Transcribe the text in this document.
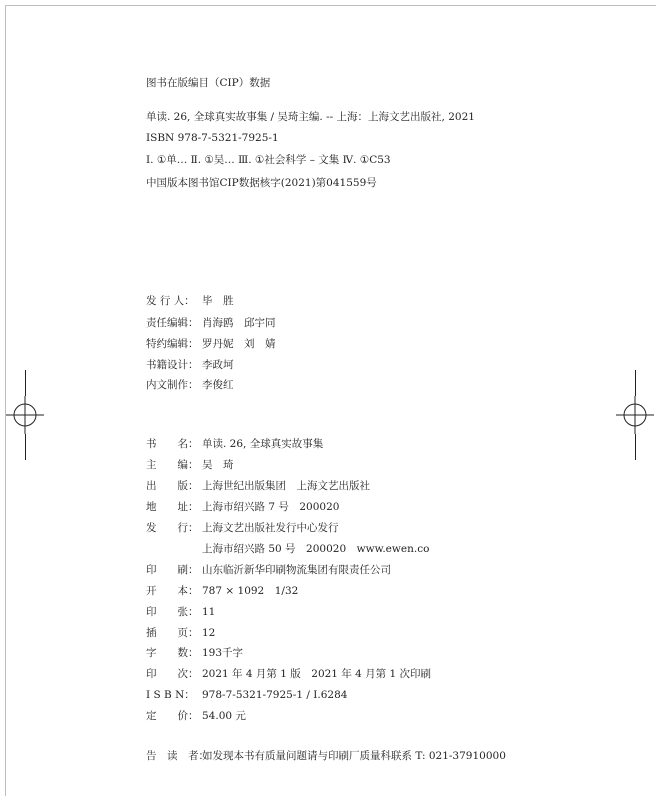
图书在版编目（CIP）数据
单读. 26, 全球真实故事集 / 吴琦主编. -- 上海：上海文艺出版社, 2021
ISBN 978-7-5321-7925-1
Ⅰ. ①单… Ⅱ. ①吴… Ⅲ. ①社会科学 – 文集 Ⅳ. ①C53
中国版本图书馆CIP数据核字(2021)第041559号
发 行 人： 毕　胜
责任编辑： 肖海鸥　邱宇同
特约编辑： 罗丹妮　刘　婧
书籍设计： 李政坷
内文制作： 李俊红
书　　名： 单读. 26, 全球真实故事集
主　　编： 吴　琦
出　　版： 上海世纪出版集团　上海文艺出版社
地　　址： 上海市绍兴路 7 号　200020
发　　行： 上海文艺出版社发行中心发行
上海市绍兴路 50 号　200020　www.ewen.co
印　　刷： 山东临沂新华印刷物流集团有限责任公司
开　　本： 787 × 1092　1/32
印　　张： 11
插　　页： 12
字　　数： 193千字
印　　次： 2021 年 4 月第 1 版　2021 年 4 月第 1 次印刷
I S B N： 978-7-5321-7925-1 / I.6284
定　　价： 54.00 元
告　读　者：如发现本书有质量问题请与印刷厂质量科联系 T: 021-37910000
